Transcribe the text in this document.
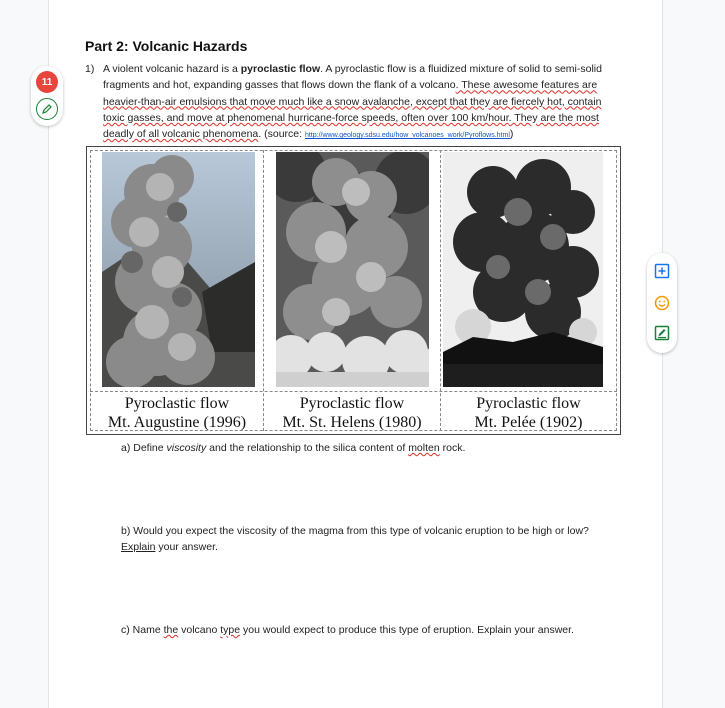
11
Part 2: Volcanic Hazards
1) A violent volcanic hazard is a pyroclastic flow. A pyroclastic flow is a fluidized mixture of solid to semi-solid fragments and hot, expanding gasses that flows down the flank of a volcano. These awesome features are heavier-than-air emulsions that move much like a snow avalanche, except that they are fiercely hot, contain toxic gasses, and move at phenomenal hurricane-force speeds, often over 100 km/hour. They are the most deadly of all volcanic phenomena. (source: http://www.geology.sdsu.edu/how_volcanoes_work/Pyroflows.html)
Pyroclastic flow
Mt. Augustine (1996)
Pyroclastic flow
Mt. St. Helens (1980)
Pyroclastic flow
Mt. Pelée (1902)
a) Define viscosity and the relationship to the silica content of molten rock.
b) Would you expect the viscosity of the magma from this type of volcanic eruption to be high or low?
Explain your answer.
c) Name the volcano type you would expect to produce this type of eruption. Explain your answer.
